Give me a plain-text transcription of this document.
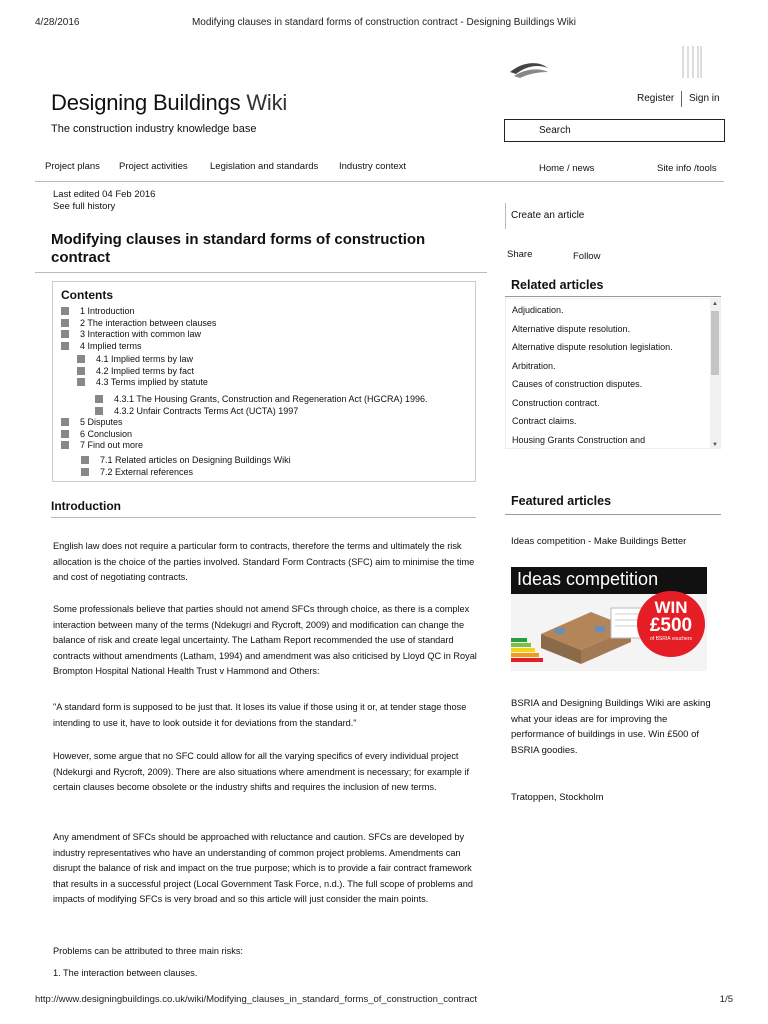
4/28/2016	Modifying clauses in standard forms of construction contract - Designing Buildings Wiki
Designing Buildings Wiki
The construction industry knowledge base
Register Sign in
Search
Project plans Project activities Legislation and standards Industry context	Home / news	Site info /tools
Last edited 04 Feb 2016
See full history
Create an article
Modifying clauses in standard forms of construction contract	Share	Follow
Contents
1 Introduction
2 The interaction between clauses
3 Interaction with common law
4 Implied terms
4.1 Implied terms by law
4.2 Implied terms by fact
4.3 Terms implied by statute
4.3.1 The Housing Grants, Construction and Regeneration Act (HGCRA) 1996.
4.3.2 Unfair Contracts Terms Act (UCTA) 1997
5 Disputes
6 Conclusion
7 Find out more
7.1 Related articles on Designing Buildings Wiki
7.2 External references
Introduction

English law does not require a particular form to contracts, therefore the terms and ultimately the risk allocation is the choice of the parties involved. Standard Form Contracts (SFC) aim to minimise the time and cost of negotiating contracts.

Some professionals believe that parties should not amend SFCs through choice, as there is a complex interaction between many of the terms (Ndekugri and Rycroft, 2009) and modification can change the balance of risk and create legal uncertainty. The Latham Report recommended the use of standard contracts without amendments (Latham, 1994) and amendment was also criticised by Lloyd QC in Royal Brompton Hospital National Health Trust v Hammond and Others:

"A standard form is supposed to be just that. It loses its value if those using it or, at tender stage those intending to use it, have to look outside it for deviations from the standard."

However, some argue that no SFC could allow for all the varying specifics of every individual project (Ndekurgi and Rycroft, 2009). There are also situations where amendment is necessary; for example if certain clauses become obsolete or the industry shifts and requires the inclusion of new terms.

Any amendment of SFCs should be approached with reluctance and caution. SFCs are developed by industry representatives who have an understanding of common project problems. Amendments can disrupt the balance of risk and impact on the true purpose; which is to provide a fair contract framework that results in a successful project (Local Government Task Force, n.d.). The full scope of problems and impacts of modifying SFCs is very broad and so this article will just consider the main points.

Problems can be attributed to three main risks:

1. The interaction between clauses.

Related articles
Adjudication.
Alternative dispute resolution.
Alternative dispute resolution legislation.
Arbitration.
Causes of construction disputes.
Construction contract.
Contract claims.
Housing Grants Construction and
▲
▼
Featured articles
Ideas competition - Make Buildings Better
Ideas competition
WIN
£500
of BSRIA vouchers

BSRIA and Designing Buildings Wiki are asking what your ideas are for improving the performance of buildings in use. Win £500 of BSRIA goodies.

Tratoppen, Stockholm
http://www.designingbuildings.co.uk/wiki/Modifying_clauses_in_standard_forms_of_construction_contract	1/5
